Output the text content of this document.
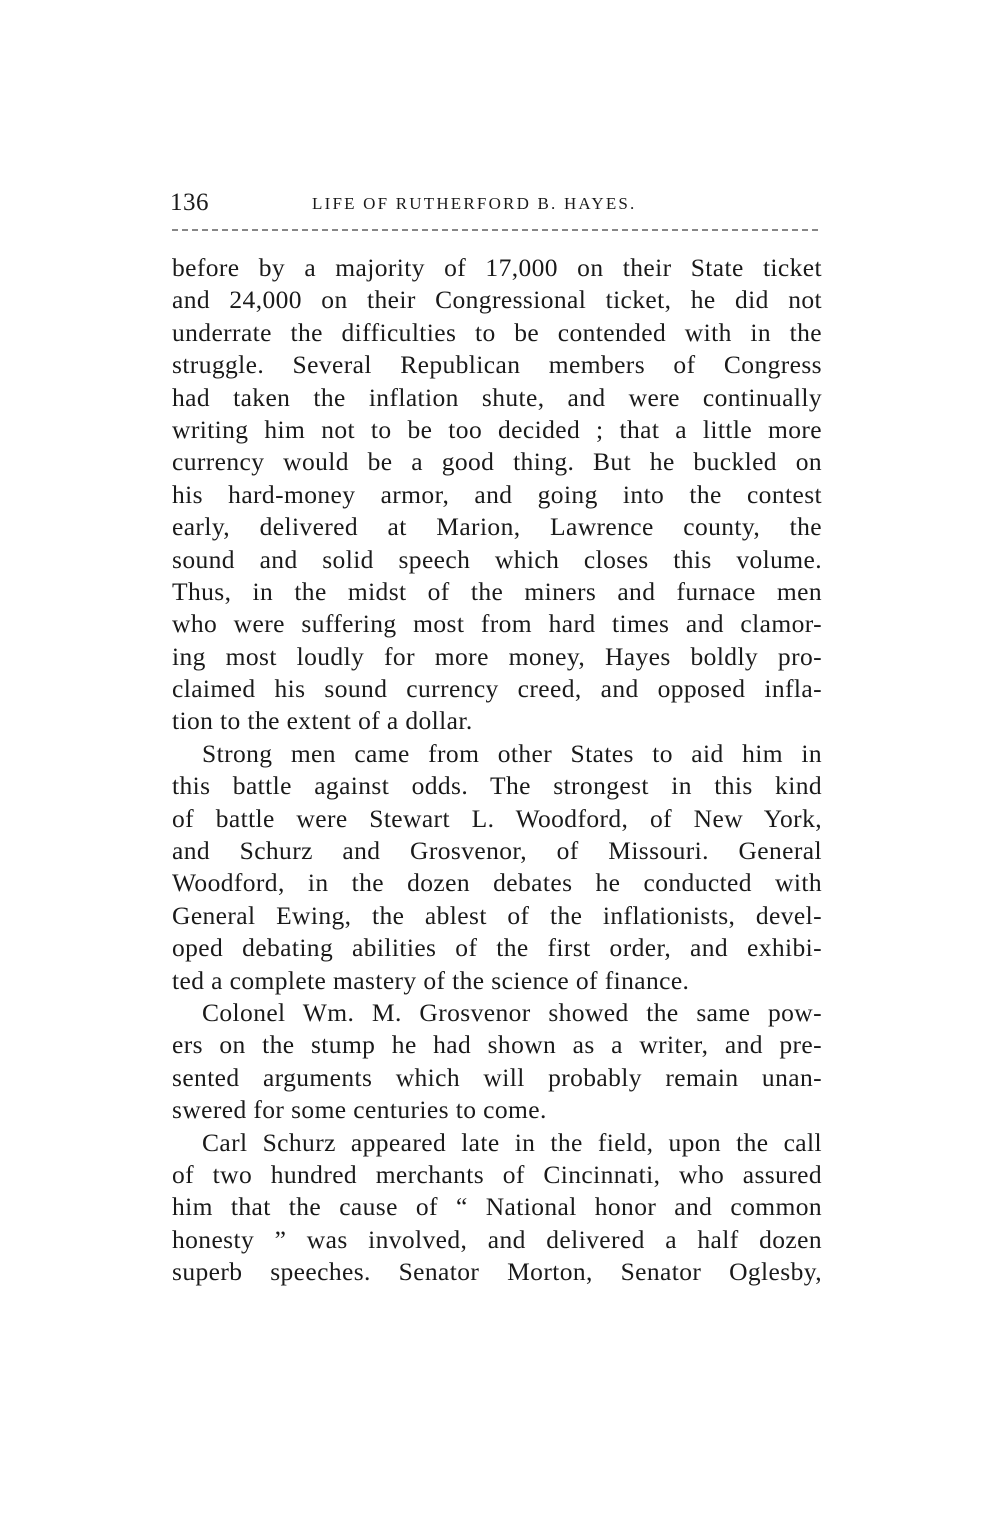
136	LIFE OF RUTHERFORD B. HAYES.
before by a majority of 17,000 on their State ticket
and 24,000 on their Congressional ticket, he did not
underrate the difficulties to be contended with in the
struggle. Several Republican members of Congress
had taken the inflation shute, and were continually
writing him not to be too decided ; that a little more
currency would be a good thing. But he buckled on
his hard-money armor, and going into the contest
early, delivered at Marion, Lawrence county, the
sound and solid speech which closes this volume.
Thus, in the midst of the miners and furnace men
who were suffering most from hard times and clamor-
ing most loudly for more money, Hayes boldly pro-
claimed his sound currency creed, and opposed infla-
tion to the extent of a dollar.
Strong men came from other States to aid him in
this battle against odds. The strongest in this kind
of battle were Stewart L. Woodford, of New York,
and Schurz and Grosvenor, of Missouri. General
Woodford, in the dozen debates he conducted with
General Ewing, the ablest of the inflationists, devel-
oped debating abilities of the first order, and exhibi-
ted a complete mastery of the science of finance.
Colonel Wm. M. Grosvenor showed the same pow-
ers on the stump he had shown as a writer, and pre-
sented arguments which will probably remain unan-
swered for some centuries to come.
Carl Schurz appeared late in the field, upon the call
of two hundred merchants of Cincinnati, who assured
him that the cause of “ National honor and common
honesty ” was involved, and delivered a half dozen
superb speeches. Senator Morton, Senator Oglesby,
